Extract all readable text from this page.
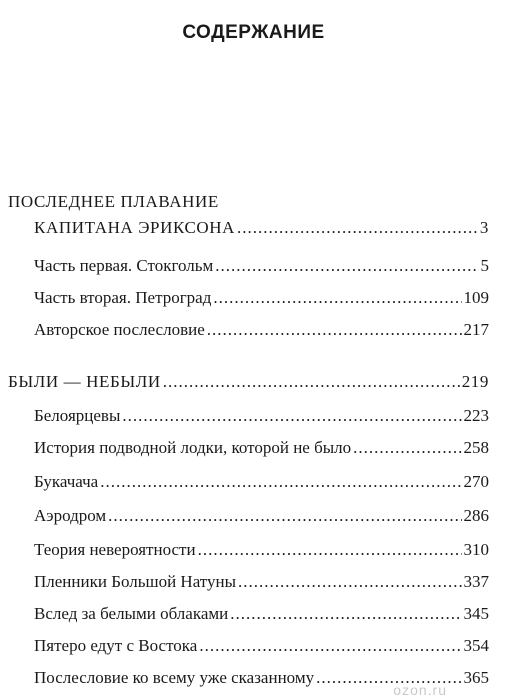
СОДЕРЖАНИЕ
ПОСЛЕДНЕЕ ПЛАВАНИЕ
КАПИТАНА ЭРИКСОНА .....	3
Часть первая. Стокгольм .....	5
Часть вторая. Петроград .....	109
Авторское послесловие .....	217
БЫЛИ — НЕБЫЛИ .....	219
Белоярцевы .....	223
История подводной лодки, которой не было .....	258
Букачача .....	270
Аэродром .....	286
Теория невероятности .....	310
Пленники Большой Натуны .....	337
Вслед за белыми облаками .....	345
Пятеро едут с Востока .....	354
Послесловие ко всему уже сказанному .....	365
ozon.ru
